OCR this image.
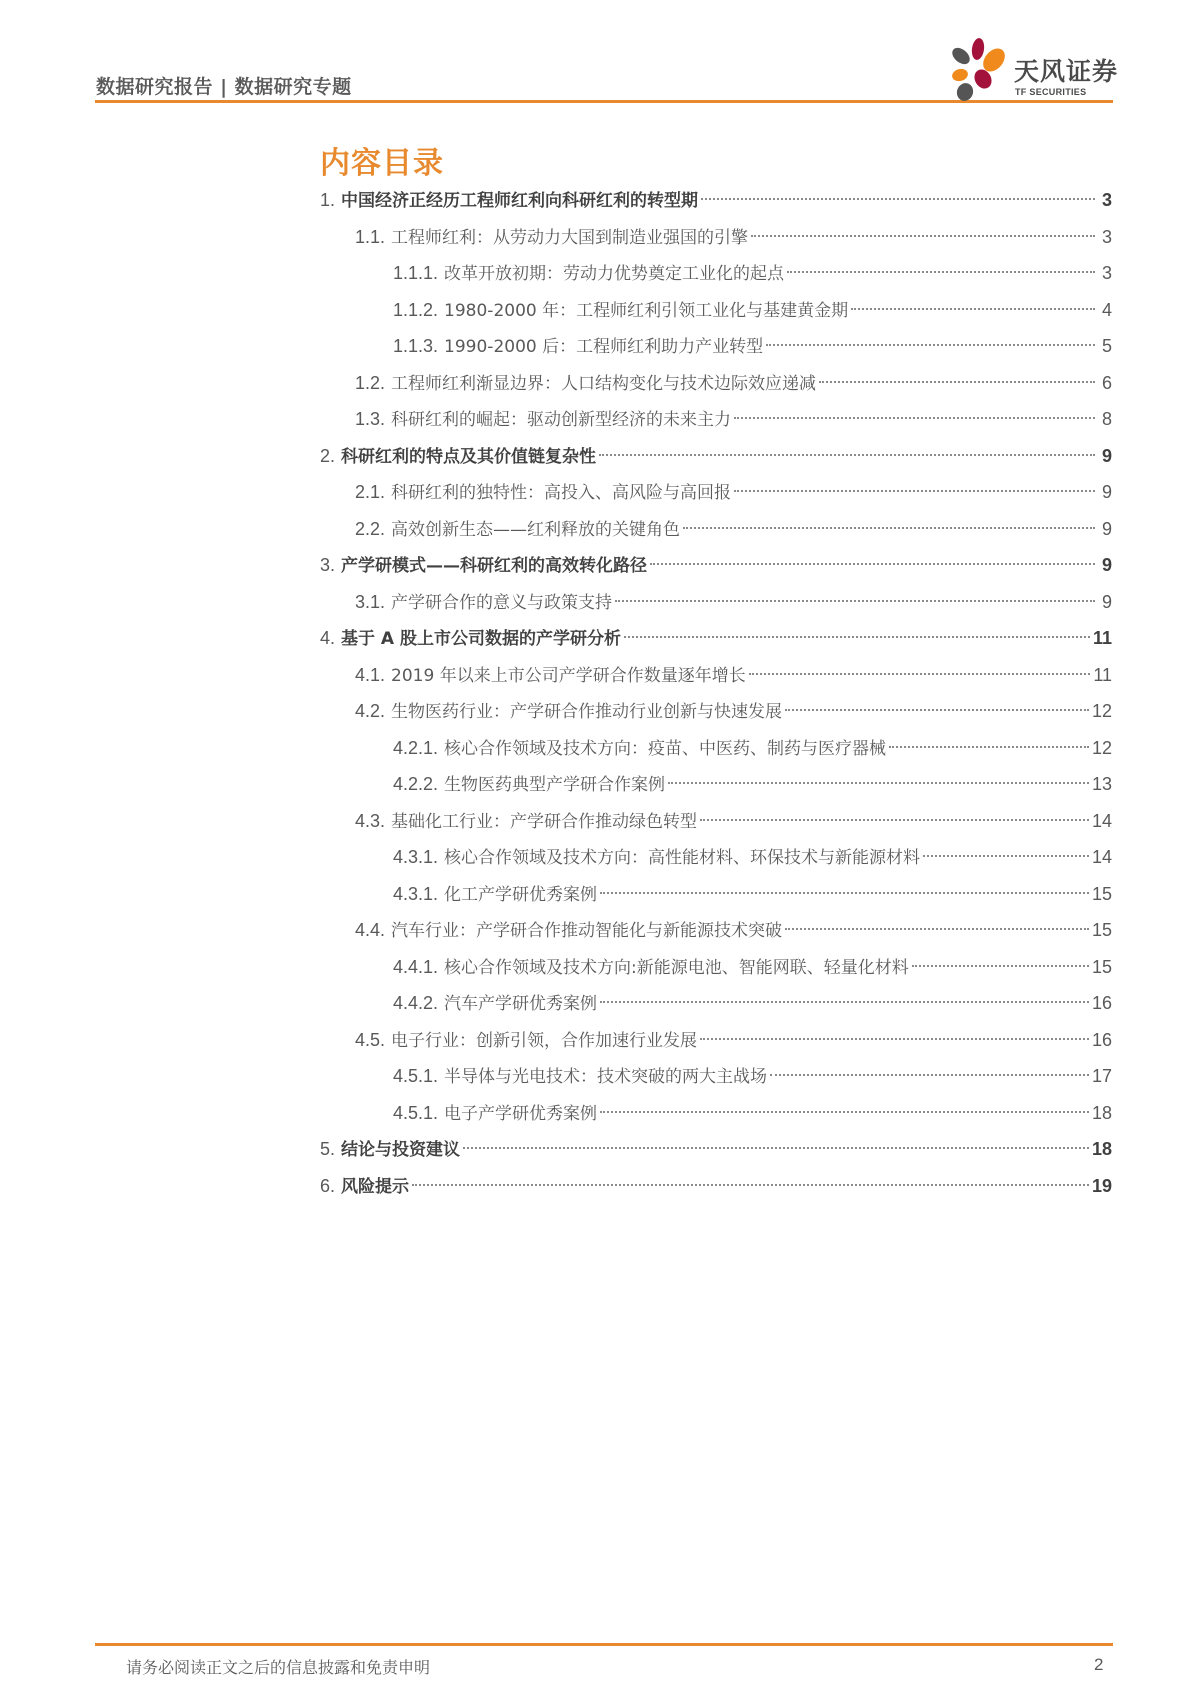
数据研究报告 | 数据研究专题
天风证券
TF SECURITIES
内容目录
1. 中国经济正经历工程师红利向科研红利的转型期	3
1.1. 工程师红利：从劳动力大国到制造业强国的引擎	3
1.1.1. 改革开放初期：劳动力优势奠定工业化的起点	3
1.1.2. 1980-2000 年：工程师红利引领工业化与基建黄金期	4
1.1.3. 1990-2000 后：工程师红利助力产业转型	5
1.2. 工程师红利渐显边界：人口结构变化与技术边际效应递减	6
1.3. 科研红利的崛起：驱动创新型经济的未来主力	8
2. 科研红利的特点及其价值链复杂性	9
2.1. 科研红利的独特性：高投入、高风险与高回报	9
2.2. 高效创新生态——红利释放的关键角色	9
3. 产学研模式——科研红利的高效转化路径	9
3.1. 产学研合作的意义与政策支持	9
4. 基于 A 股上市公司数据的产学研分析	11
4.1. 2019 年以来上市公司产学研合作数量逐年增长	11
4.2. 生物医药行业：产学研合作推动行业创新与快速发展	12
4.2.1. 核心合作领域及技术方向：疫苗、中医药、制药与医疗器械	12
4.2.2. 生物医药典型产学研合作案例	13
4.3. 基础化工行业：产学研合作推动绿色转型	14
4.3.1. 核心合作领域及技术方向：高性能材料、环保技术与新能源材料	14
4.3.1. 化工产学研优秀案例	15
4.4. 汽车行业：产学研合作推动智能化与新能源技术突破	15
4.4.1. 核心合作领域及技术方向:新能源电池、智能网联、轻量化材料	15
4.4.2. 汽车产学研优秀案例	16
4.5. 电子行业：创新引领，合作加速行业发展	16
4.5.1. 半导体与光电技术：技术突破的两大主战场	17
4.5.1. 电子产学研优秀案例	18
5. 结论与投资建议	18
6. 风险提示	19
请务必阅读正文之后的信息披露和免责申明	2
